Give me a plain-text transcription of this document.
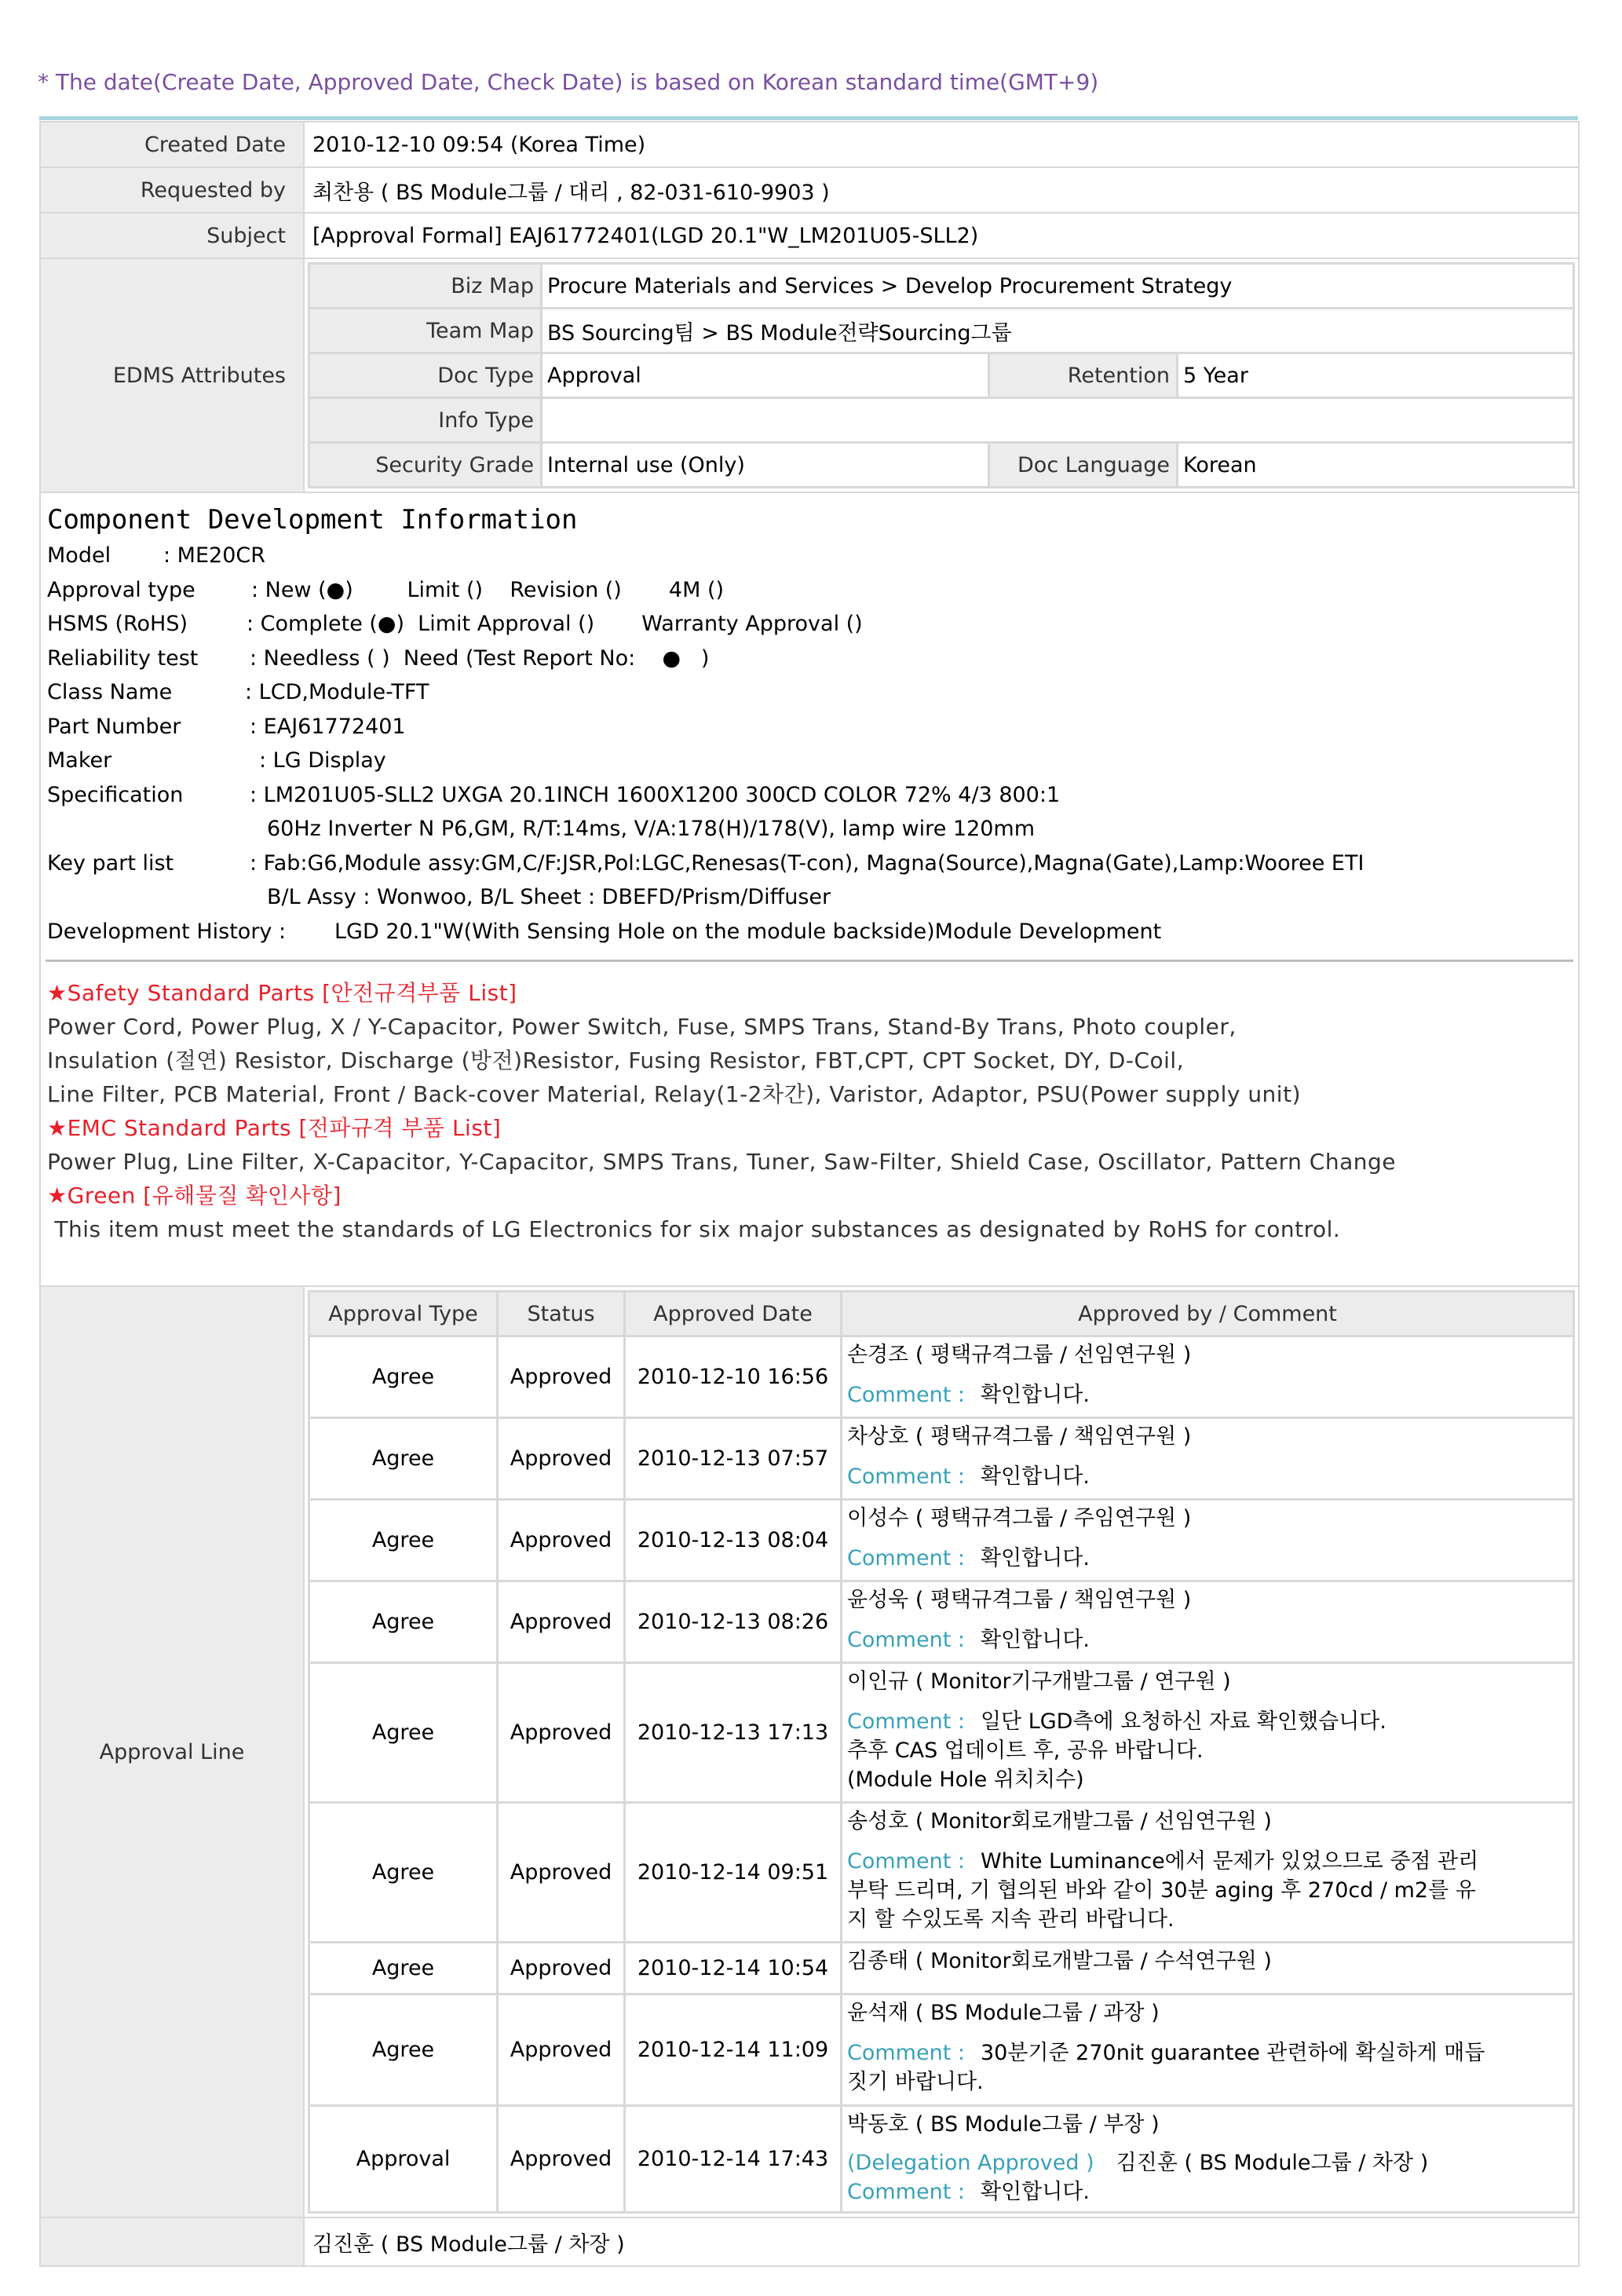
* The date(Create Date, Approved Date, Check Date) is based on Korean standard time(GMT+9)
Created Date	2010-12-10 09:54 (Korea Time)
Requested by	최찬용 ( BS Module그룹 / 대리 , 82-031-610-9903 )
Subject	[Approval Formal] EAJ61772401(LGD 20.1"W_LM201U05-SLL2)
EDMS Attributes	
Biz Map	Procure Materials and Services > Develop Procurement Strategy
Team Map	BS Sourcing팀 > BS Module전략Sourcing그룹
Doc Type	Approval	Retention	5 Year
Info Type	
Security Grade	Internal use (Only)	Doc Language	Korean

Component Development Information
Model : ME20CR
Approval type	: New (●)        Limit ()    Revision ()       4M ()
HSMS (RoHS)	: Complete (●)  Limit Approval ()       Warranty Approval ()
Reliability test : Needless ( )  Need (Test Report No:    ●   )
Class Name	: LCD,Module-TFT
Part Number	: EAJ61772401
Maker	: LG Display
Specification	: LM201U05-SLL2 UXGA 20.1INCH 1600X1200 300CD COLOR 72% 4/3 800:1
60Hz Inverter N P6,GM, R/T:14ms, V/A:178(H)/178(V), lamp wire 120mm
Key part list	: Fab:G6,Module assy:GM,C/F:JSR,Pol:LGC,Renesas(T-con), Magna(Source),Magna(Gate),Lamp:Wooree ETI
B/L Assy : Wonwoo, B/L Sheet : DBEFD/Prism/Diffuser
Development History : LGD 20.1"W(With Sensing Hole on the module backside)Module Development
★Safety Standard Parts [안전규격부품 List]
Power Cord, Power Plug, X / Y-Capacitor, Power Switch, Fuse, SMPS Trans, Stand-By Trans, Photo coupler,
Insulation (절연) Resistor, Discharge (방전)Resistor, Fusing Resistor, FBT,CPT, CPT Socket, DY, D-Coil,
Line Filter, PCB Material, Front / Back-cover Material, Relay(1-2차간), Varistor, Adaptor, PSU(Power supply unit)
★EMC Standard Parts [전파규격 부품 List]
Power Plug, Line Filter, X-Capacitor, Y-Capacitor, SMPS Trans, Tuner, Saw-Filter, Shield Case, Oscillator, Pattern Change
★Green [유해물질 확인사항]
This item must meet the standards of LG Electronics for six major substances as designated by RoHS for control.

Approval Line	
Approval Type	Status	Approved Date	Approved by / Comment
Agree	Approved	2010-12-10 16:56	
손경조 ( 평택규격그룹 / 선임연구원 )
Comment : 확인합니다.

Agree	Approved	2010-12-13 07:57	
차상호 ( 평택규격그룹 / 책임연구원 )
Comment : 확인합니다.

Agree	Approved	2010-12-13 08:04	
이성수 ( 평택규격그룹 / 주임연구원 )
Comment : 확인합니다.

Agree	Approved	2010-12-13 08:26	
윤성욱 ( 평택규격그룹 / 책임연구원 )
Comment : 확인합니다.

Agree	Approved	2010-12-13 17:13	
이인규 ( Monitor기구개발그룹 / 연구원 )
Comment : 일단 LGD측에 요청하신 자료 확인했습니다.
추후 CAS 업데이트 후, 공유 바랍니다.
(Module Hole 위치치수)

Agree	Approved	2010-12-14 09:51	
송성호 ( Monitor회로개발그룹 / 선임연구원 )
Comment : White Luminance에서 문제가 있었으므로 중점 관리
부탁 드리며, 기 협의된 바와 같이 30분 aging 후 270cd / m2를 유
지 할 수있도록 지속 관리 바랍니다.

Agree	Approved	2010-12-14 10:54	김종태 ( Monitor회로개발그룹 / 수석연구원 )

Agree	Approved	2010-12-14 11:09	
윤석재 ( BS Module그룹 / 과장 )
Comment : 30분기준 270nit guarantee 관련하에 확실하게 매듭
짓기 바랍니다.

Approval	Approved	2010-12-14 17:43	
박동호 ( BS Module그룹 / 부장 )
(Delegation Approved ) 김진훈 ( BS Module그룹 / 차장 )
Comment : 확인합니다.

	김진훈 ( BS Module그룹 / 차장 )
